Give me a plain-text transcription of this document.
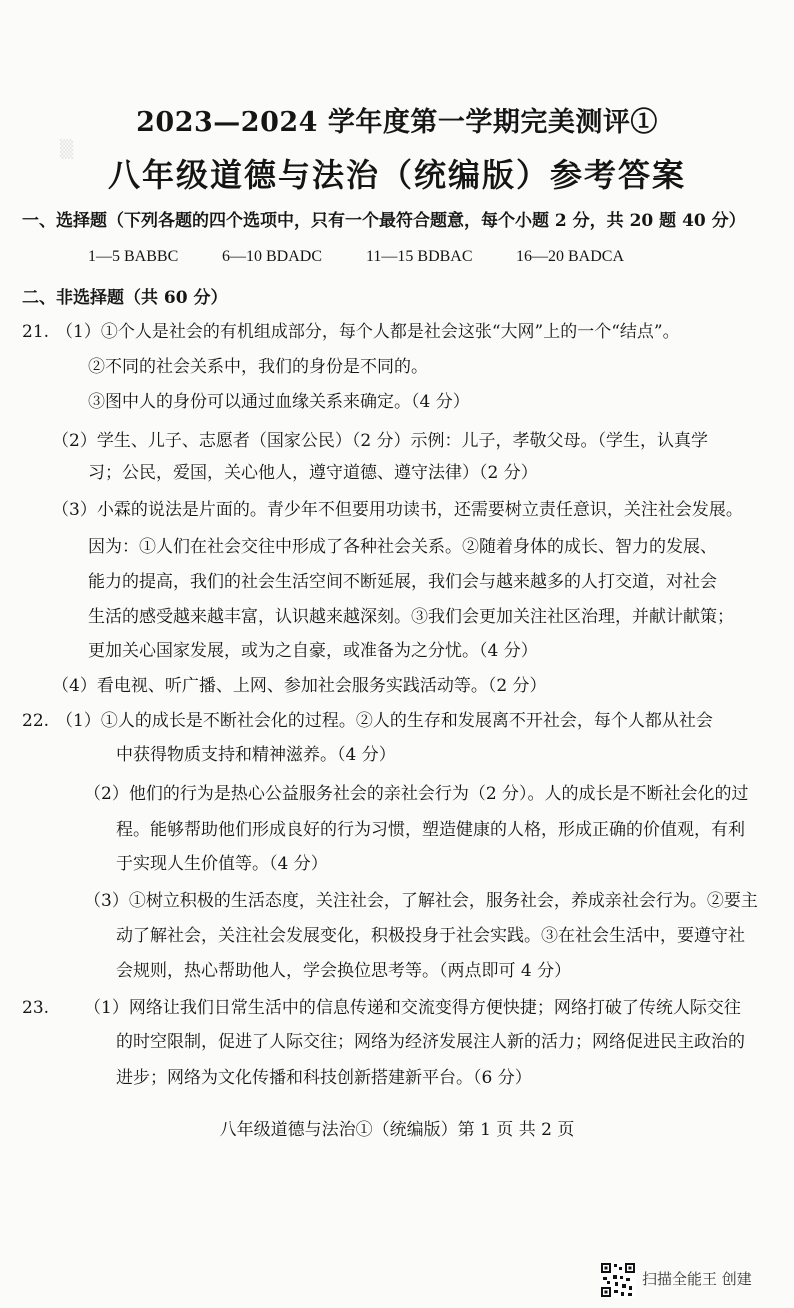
▒
2023—2024 学年度第一学期完美测评①
八年级道德与法治（统编版）参考答案
一、选择题（下列各题的四个选项中，只有一个最符合题意，每个小题 2 分，共 20 题 40 分）
1—5 BABBC	6—10 BDADC	11—15 BDBAC	16—20 BADCA
二、非选择题（共 60 分）
21. （1）①个人是社会的有机组成部分，每个人都是社会这张“大网”上的一个“结点”。
②不同的社会关系中，我们的身份是不同的。
③图中人的身份可以通过血缘关系来确定。（4 分）
（2）学生、儿子、志愿者（国家公民）（2 分）示例：儿子，孝敬父母。（学生，认真学
习；公民，爱国，关心他人，遵守道德、遵守法律）（2 分）
（3）小霖的说法是片面的。青少年不但要用功读书，还需要树立责任意识，关注社会发展。
因为：①人们在社会交往中形成了各种社会关系。②随着身体的成长、智力的发展、
能力的提高，我们的社会生活空间不断延展，我们会与越来越多的人打交道，对社会
生活的感受越来越丰富，认识越来越深刻。③我们会更加关注社区治理，并献计献策；
更加关心国家发展，或为之自豪，或准备为之分忧。（4 分）
（4）看电视、听广播、上网、参加社会服务实践活动等。（2 分）
22. （1）①人的成长是不断社会化的过程。②人的生存和发展离不开社会，每个人都从社会
中获得物质支持和精神滋养。（4 分）
（2）他们的行为是热心公益服务社会的亲社会行为（2 分）。人的成长是不断社会化的过
程。能够帮助他们形成良好的行为习惯，塑造健康的人格，形成正确的价值观，有利
于实现人生价值等。（4 分）
（3）①树立积极的生活态度，关注社会，了解社会，服务社会，养成亲社会行为。②要主
动了解社会，关注社会发展变化，积极投身于社会实践。③在社会生活中，要遵守社
会规则，热心帮助他人，学会换位思考等。（两点即可 4 分）
23. （1）网络让我们日常生活中的信息传递和交流变得方便快捷；网络打破了传统人际交往
的时空限制，促进了人际交往；网络为经济发展注人新的活力；网络促进民主政治的
进步；网络为文化传播和科技创新搭建新平台。（6 分）
八年级道德与法治①（统编版）第 1 页 共 2 页
扫描全能王 创建
